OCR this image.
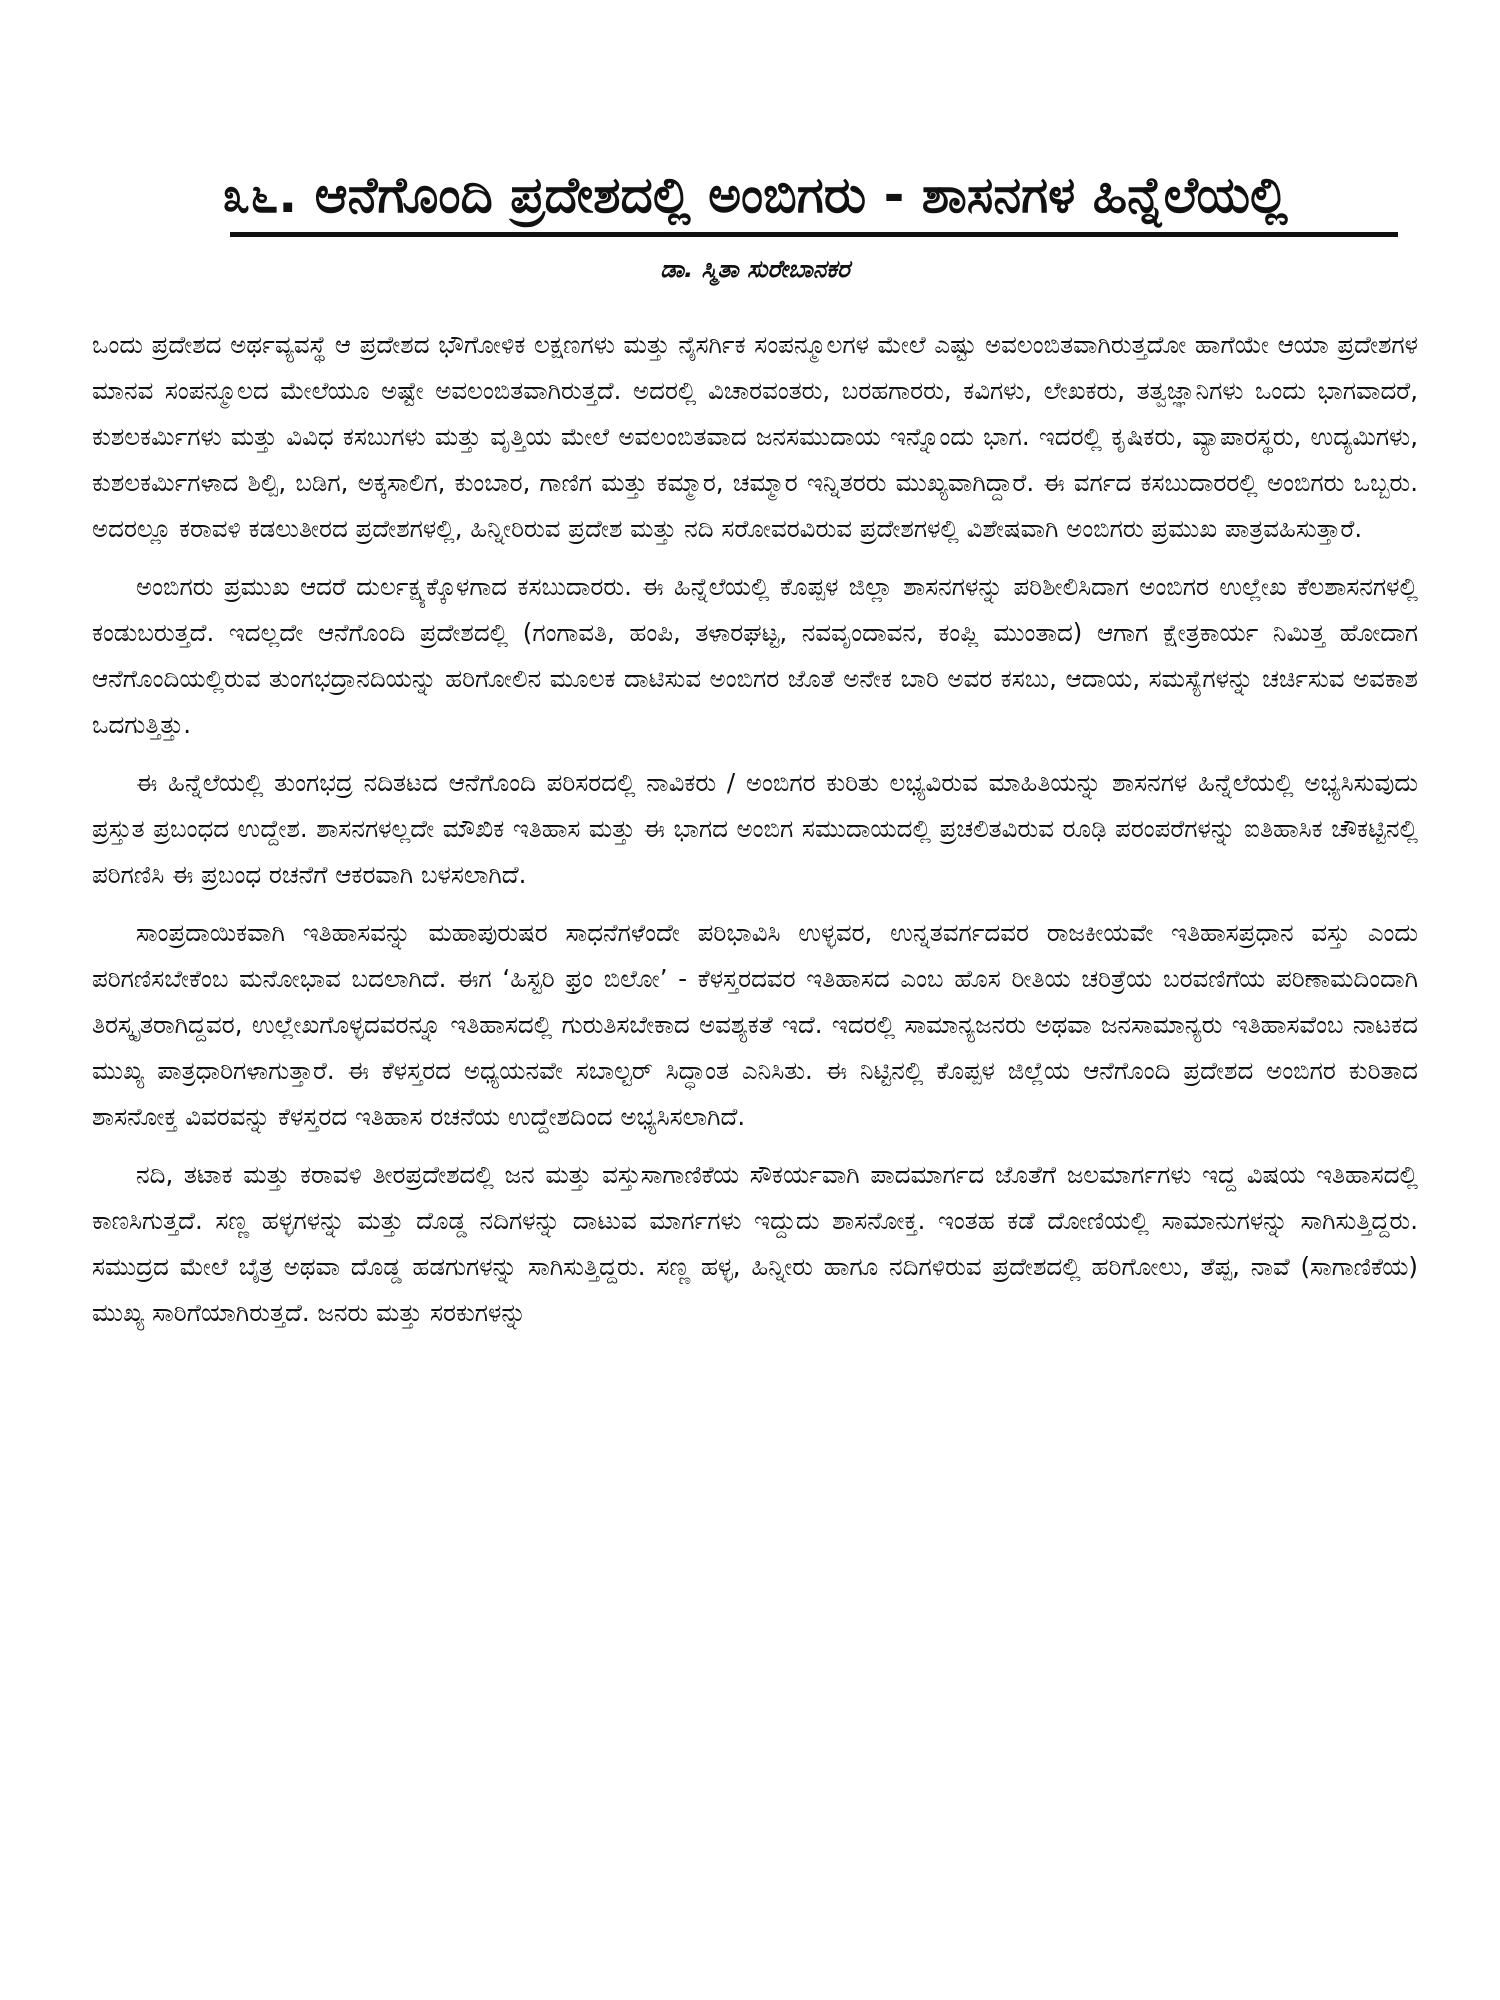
೩೬. ಆನೆಗೊಂದಿ ಪ್ರದೇಶದಲ್ಲಿ ಅಂಬಿಗರು - ಶಾಸನಗಳ ಹಿನ್ನೆಲೆಯಲ್ಲಿ
ಡಾ. ಸ್ಮಿತಾ ಸುರೇಬಾನಕರ

ಒಂದು ಪ್ರದೇಶದ ಅರ್ಥವ್ಯವಸ್ಥೆ ಆ ಪ್ರದೇಶದ ಭೌಗೋಳಿಕ ಲಕ್ಷಣಗಳು ಮತ್ತು ನೈಸರ್ಗಿಕ ಸಂಪನ್ಮೂಲಗಳ ಮೇಲೆ ಎಷ್ಟು ಅವಲಂಬಿತವಾಗಿರುತ್ತದೋ ಹಾಗೆಯೇ ಆಯಾ ಪ್ರದೇಶಗಳ ಮಾನವ ಸಂಪನ್ಮೂಲದ ಮೇಲೆಯೂ ಅಷ್ಟೇ ಅವಲಂಬಿತವಾಗಿರುತ್ತದೆ. ಅದರಲ್ಲಿ ವಿಚಾರವಂತರು, ಬರಹಗಾರರು, ಕವಿಗಳು, ಲೇಖಕರು, ತತ್ವಜ್ಞಾನಿಗಳು ಒಂದು ಭಾಗವಾದರೆ, ಕುಶಲಕರ್ಮಿಗಳು ಮತ್ತು ವಿವಿಧ ಕಸಬುಗಳು ಮತ್ತು ವೃತ್ತಿಯ ಮೇಲೆ ಅವಲಂಬಿತವಾದ ಜನಸಮುದಾಯ ಇನ್ನೊಂದು ಭಾಗ. ಇದರಲ್ಲಿ ಕೃಷಿಕರು, ವ್ಯಾಪಾರಸ್ಥರು, ಉದ್ಯಮಿಗಳು, ಕುಶಲಕರ್ಮಿಗಳಾದ ಶಿಲ್ಪಿ, ಬಡಿಗ, ಅಕ್ಕಸಾಲಿಗ, ಕುಂಬಾರ, ಗಾಣಿಗ ಮತ್ತು ಕಮ್ಮಾರ, ಚಮ್ಮಾರ ಇನ್ನಿತರರು ಮುಖ್ಯವಾಗಿದ್ದಾರೆ. ಈ ವರ್ಗದ ಕಸಬುದಾರರಲ್ಲಿ ಅಂಬಿಗರು ಒಬ್ಬರು. ಅದರಲ್ಲೂ ಕರಾವಳಿ ಕಡಲುತೀರದ ಪ್ರದೇಶಗಳಲ್ಲಿ, ಹಿನ್ನೀರಿರುವ ಪ್ರದೇಶ ಮತ್ತು ನದಿ ಸರೋವರವಿರುವ ಪ್ರದೇಶಗಳಲ್ಲಿ ವಿಶೇಷವಾಗಿ ಅಂಬಿಗರು ಪ್ರಮುಖ ಪಾತ್ರವಹಿಸುತ್ತಾರೆ.

ಅಂಬಿಗರು ಪ್ರಮುಖ ಆದರೆ ದುರ್ಲಕ್ಷ್ಯಕ್ಕೊಳಗಾದ ಕಸಬುದಾರರು. ಈ ಹಿನ್ನೆಲೆಯಲ್ಲಿ ಕೊಪ್ಪಳ ಜಿಲ್ಲಾ ಶಾಸನಗಳನ್ನು ಪರಿಶೀಲಿಸಿದಾಗ ಅಂಬಿಗರ ಉಲ್ಲೇಖ ಕೆಲಶಾಸನಗಳಲ್ಲಿ ಕಂಡುಬರುತ್ತದೆ. ಇದಲ್ಲದೇ ಆನೆಗೊಂದಿ ಪ್ರದೇಶದಲ್ಲಿ (ಗಂಗಾವತಿ, ಹಂಪಿ, ತಳಾರಘಟ್ಟ, ನವವೃಂದಾವನ, ಕಂಪ್ಲಿ ಮುಂತಾದ) ಆಗಾಗ ಕ್ಷೇತ್ರಕಾರ್ಯ ನಿಮಿತ್ತ ಹೋದಾಗ ಆನೆಗೊಂದಿಯಲ್ಲಿರುವ ತುಂಗಭದ್ರಾನದಿಯನ್ನು ಹರಿಗೋಲಿನ ಮೂಲಕ ದಾಟಿಸುವ ಅಂಬಿಗರ ಜೊತೆ ಅನೇಕ ಬಾರಿ ಅವರ ಕಸಬು, ಆದಾಯ, ಸಮಸ್ಯೆಗಳನ್ನು ಚರ್ಚಿಸುವ ಅವಕಾಶ ಒದಗುತ್ತಿತ್ತು.

ಈ ಹಿನ್ನೆಲೆಯಲ್ಲಿ ತುಂಗಭದ್ರ ನದಿತಟದ ಆನೆಗೊಂದಿ ಪರಿಸರದಲ್ಲಿ ನಾವಿಕರು / ಅಂಬಿಗರ ಕುರಿತು ಲಭ್ಯವಿರುವ ಮಾಹಿತಿಯನ್ನು ಶಾಸನಗಳ ಹಿನ್ನೆಲೆಯಲ್ಲಿ ಅಭ್ಯಸಿಸುವುದು ಪ್ರಸ್ತುತ ಪ್ರಬಂಧದ ಉದ್ದೇಶ. ಶಾಸನಗಳಲ್ಲದೇ ಮೌಖಿಕ ಇತಿಹಾಸ ಮತ್ತು ಈ ಭಾಗದ ಅಂಬಿಗ ಸಮುದಾಯದಲ್ಲಿ ಪ್ರಚಲಿತವಿರುವ ರೂಢಿ ಪರಂಪರೆಗಳನ್ನು ಐತಿಹಾಸಿಕ ಚೌಕಟ್ಟಿನಲ್ಲಿ ಪರಿಗಣಿಸಿ ಈ ಪ್ರಬಂಧ ರಚನೆಗೆ ಆಕರವಾಗಿ ಬಳಸಲಾಗಿದೆ.

ಸಾಂಪ್ರದಾಯಿಕವಾಗಿ ಇತಿಹಾಸವನ್ನು ಮಹಾಪುರುಷರ ಸಾಧನೆಗಳೆಂದೇ ಪರಿಭಾವಿಸಿ ಉಳ್ಳವರ, ಉನ್ನತವರ್ಗದವರ ರಾಜಕೀಯವೇ ಇತಿಹಾಸಪ್ರಧಾನ ವಸ್ತು ಎಂದು ಪರಿಗಣಿಸಬೇಕೆಂಬ ಮನೋಭಾವ ಬದಲಾಗಿದೆ. ಈಗ ‘ಹಿಸ್ಟರಿ ಫ್ರಂ ಬಿಲೋ’ - ಕೆಳಸ್ತರದವರ ಇತಿಹಾಸದ ಎಂಬ ಹೊಸ ರೀತಿಯ ಚರಿತ್ರೆಯ ಬರವಣಿಗೆಯ ಪರಿಣಾಮದಿಂದಾಗಿ ತಿರಸ್ಕೃತರಾಗಿದ್ದವರ, ಉಲ್ಲೇಖಗೊಳ್ಳದವರನ್ನೂ ಇತಿಹಾಸದಲ್ಲಿ ಗುರುತಿಸಬೇಕಾದ ಅವಶ್ಯಕತೆ ಇದೆ. ಇದರಲ್ಲಿ ಸಾಮಾನ್ಯಜನರು ಅಥವಾ ಜನಸಾಮಾನ್ಯರು ಇತಿಹಾಸವೆಂಬ ನಾಟಕದ ಮುಖ್ಯ ಪಾತ್ರಧಾರಿಗಳಾಗುತ್ತಾರೆ. ಈ ಕೆಳಸ್ತರದ ಅಧ್ಯಯನವೇ ಸಬಾಲ್ಟರ್ ಸಿದ್ಧಾಂತ ಎನಿಸಿತು. ಈ ನಿಟ್ಟಿನಲ್ಲಿ ಕೊಪ್ಪಳ ಜಿಲ್ಲೆಯ ಆನೆಗೊಂದಿ ಪ್ರದೇಶದ ಅಂಬಿಗರ ಕುರಿತಾದ ಶಾಸನೋಕ್ತ ವಿವರವನ್ನು ಕೆಳಸ್ತರದ ಇತಿಹಾಸ ರಚನೆಯ ಉದ್ದೇಶದಿಂದ ಅಭ್ಯಸಿಸಲಾಗಿದೆ.

ನದಿ, ತಟಾಕ ಮತ್ತು ಕರಾವಳಿ ತೀರಪ್ರದೇಶದಲ್ಲಿ ಜನ ಮತ್ತು ವಸ್ತುಸಾಗಾಣಿಕೆಯ ಸೌಕರ್ಯವಾಗಿ ಪಾದಮಾರ್ಗದ ಜೊತೆಗೆ ಜಲಮಾರ್ಗಗಳು ಇದ್ದ ವಿಷಯ ಇತಿಹಾಸದಲ್ಲಿ ಕಾಣಸಿಗುತ್ತದೆ. ಸಣ್ಣ ಹಳ್ಳಗಳನ್ನು ಮತ್ತು ದೊಡ್ಡ ನದಿಗಳನ್ನು ದಾಟುವ ಮಾರ್ಗಗಳು ಇದ್ದುದು ಶಾಸನೋಕ್ತ. ಇಂತಹ ಕಡೆ ದೋಣಿಯಲ್ಲಿ ಸಾಮಾನುಗಳನ್ನು ಸಾಗಿಸುತ್ತಿದ್ದರು. ಸಮುದ್ರದ ಮೇಲೆ ಬೈತ್ರ ಅಥವಾ ದೊಡ್ಡ ಹಡಗುಗಳನ್ನು ಸಾಗಿಸುತ್ತಿದ್ದರು. ಸಣ್ಣ ಹಳ್ಳ, ಹಿನ್ನೀರು ಹಾಗೂ ನದಿಗಳಿರುವ ಪ್ರದೇಶದಲ್ಲಿ ಹರಿಗೋಲು, ತೆಪ್ಪ, ನಾವೆ (ಸಾಗಾಣಿಕೆಯ) ಮುಖ್ಯ ಸಾರಿಗೆಯಾಗಿರುತ್ತದೆ. ಜನರು ಮತ್ತು ಸರಕುಗಳನ್ನು
